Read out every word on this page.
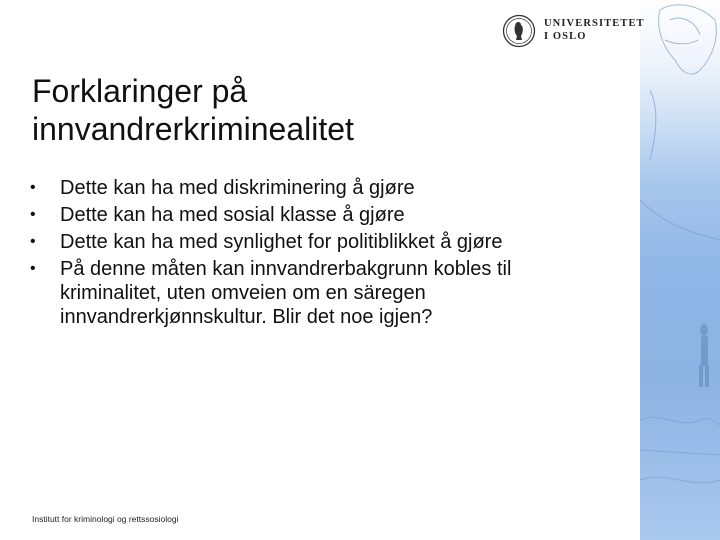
UNIVERSITETET
I OSLO
Forklaringer på
innvandrerkriminealitet
• Dette kan ha med diskriminering å gjøre
• Dette kan ha med sosial klasse å gjøre
• Dette kan ha med synlighet for politiblikket å gjøre
• På denne måten kan innvandrerbakgrunn kobles til kriminalitet, uten omveien om en säregen innvandrerkjønnskultur. Blir det noe igjen?
Institutt for kriminologi og rettssosiologi
